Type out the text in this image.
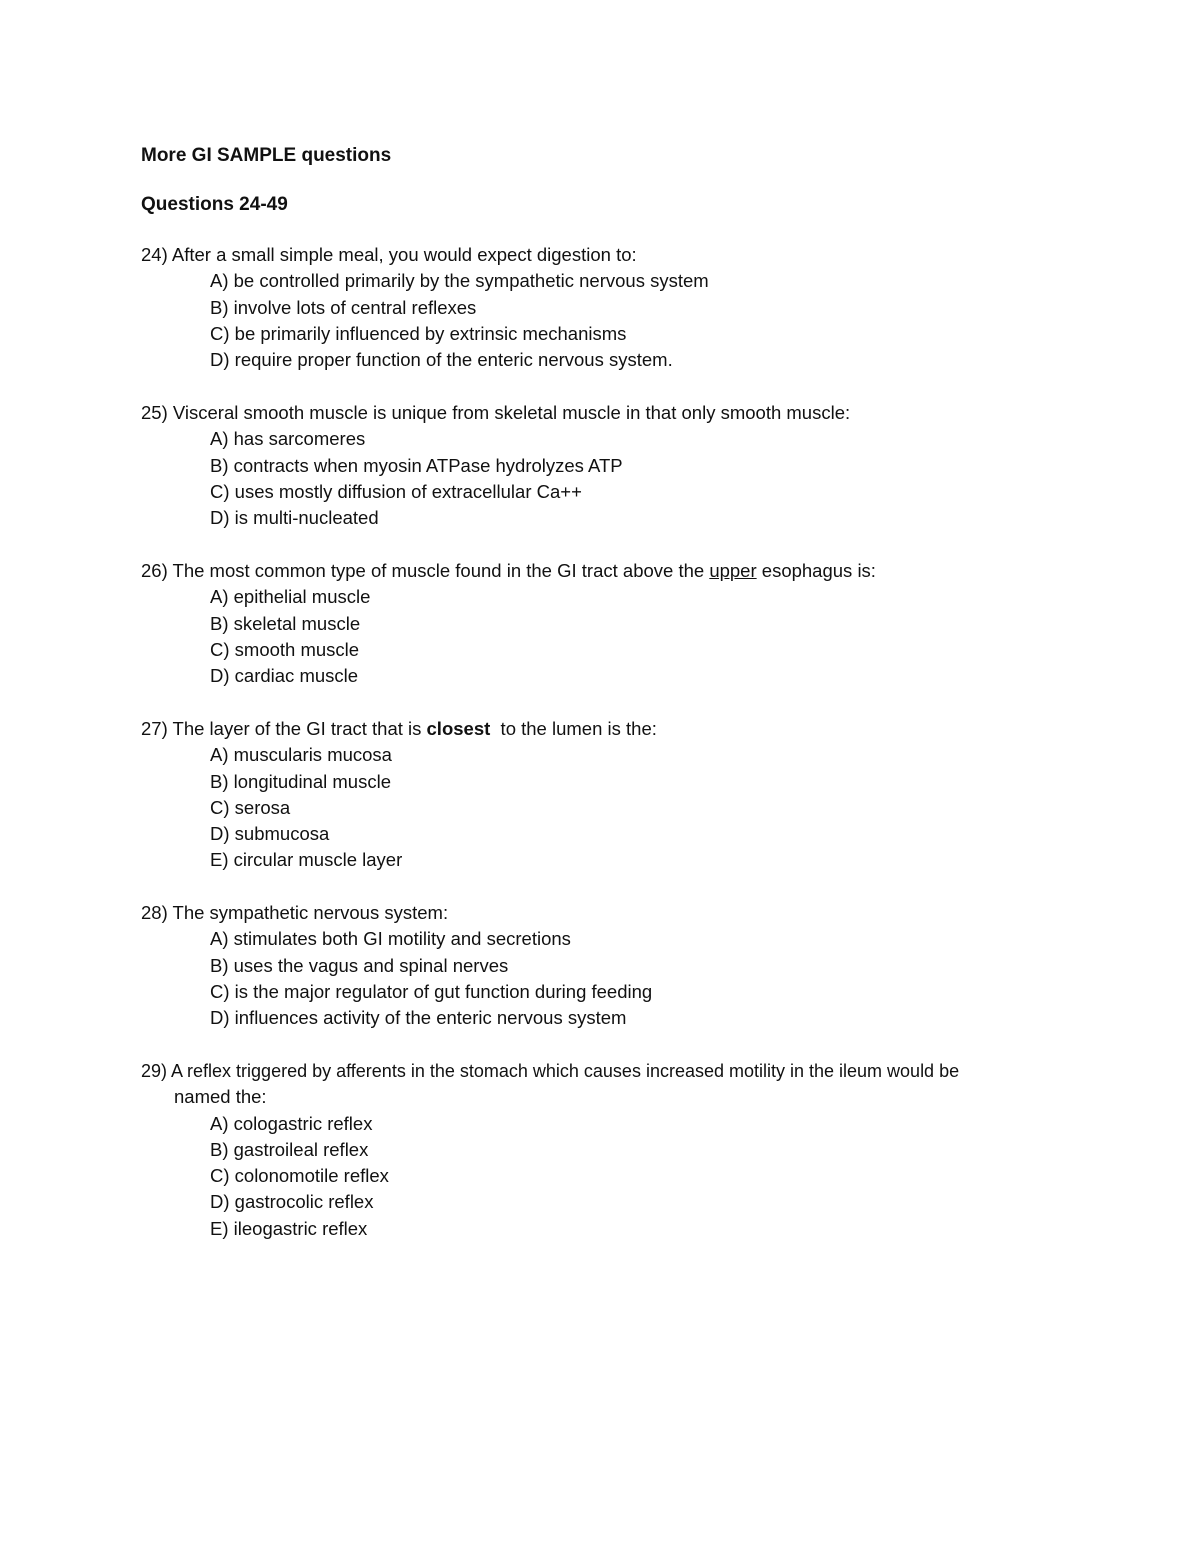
More GI SAMPLE questions
Questions 24-49
24) After a small simple meal, you would expect digestion to:
A) be controlled primarily by the sympathetic nervous system
B) involve lots of central reflexes
C) be primarily influenced by extrinsic mechanisms
D) require proper function of the enteric nervous system.
25) Visceral smooth muscle is unique from skeletal muscle in that only smooth muscle:
A) has sarcomeres
B) contracts when myosin ATPase hydrolyzes ATP
C) uses mostly diffusion of extracellular Ca++
D) is multi-nucleated
26) The most common type of muscle found in the GI tract above the upper esophagus is:
A) epithelial muscle
B) skeletal muscle
C) smooth muscle
D) cardiac muscle
27) The layer of the GI tract that is closest  to the lumen is the:
A) muscularis mucosa
B) longitudinal muscle
C) serosa
D) submucosa
E) circular muscle layer
28) The sympathetic nervous system:
A) stimulates both GI motility and secretions
B) uses the vagus and spinal nerves
C) is the major regulator of gut function during feeding
D) influences activity of the enteric nervous system
29) A reflex triggered by afferents in the stomach which causes increased motility in the ileum would be
named the:
A) cologastric reflex
B) gastroileal reflex
C) colonomotile reflex
D) gastrocolic reflex
E) ileogastric reflex
